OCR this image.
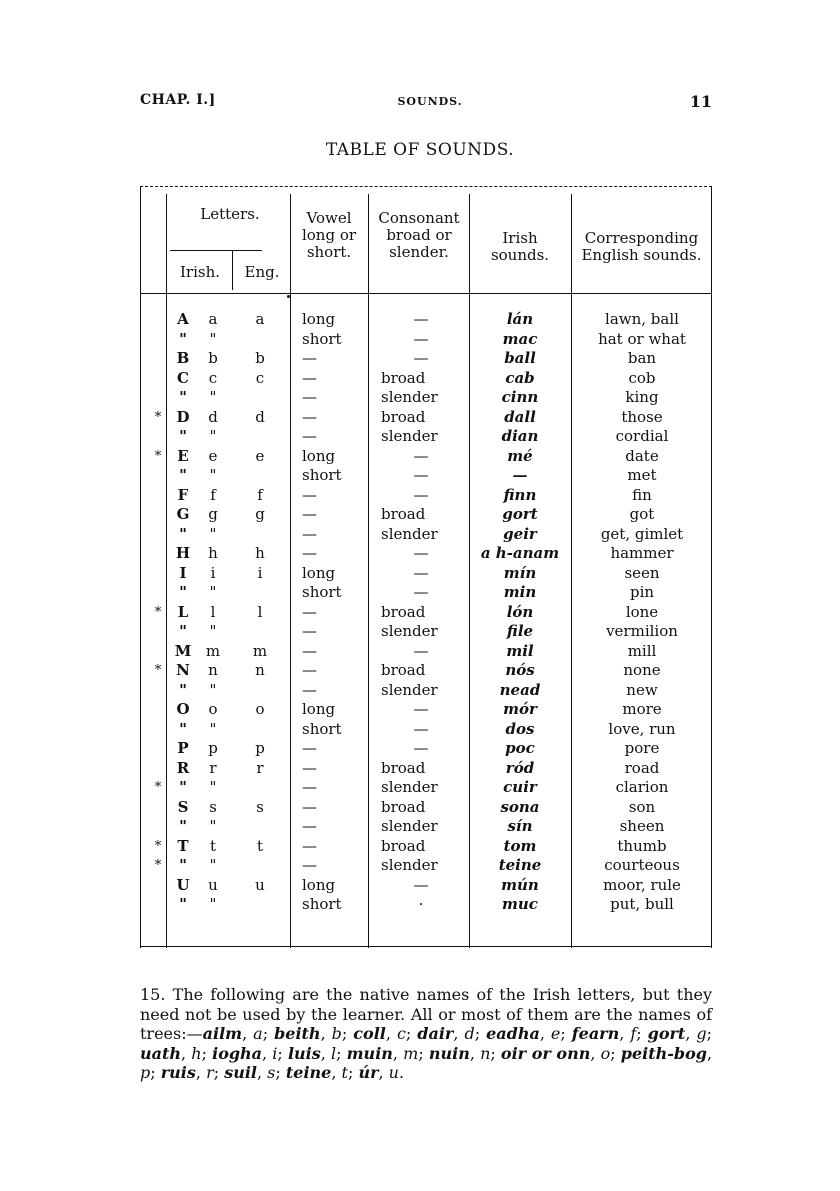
CHAP. I.]	SOUNDS.	11
TABLE OF SOUNDS.
Letters.
Irish.	Eng.
Vowel
long or
short.
Consonant
broad or
slender.
Irish
sounds.
Corresponding
English sounds.
A	a	a	long	—	lán	lawn, ball
"	"	short	—	mac	hat or what
B	b	b	—	—	ball	ban
C	c	c	—	broad	cab	cob
"	"	—	slender	cinn	king
*	D	d	d	—	broad	dall	those
"	"	—	slender	dian	cordial
*	E	e	e	long	—	mé	date
"	"	short	—	—	met
F	f	f	—	—	finn	fin
G	g	g	—	broad	gort	got
"	"	—	slender	geir	get, gimlet
H	h	h	—	—	a h-anam	hammer
I	i	i	long	—	mín	seen
"	"	short	—	min	pin
*	L	l	l	—	broad	lón	lone
"	"	—	slender	file	vermilion
M m	m	—	—	mil	mill
* N	n	n	—	broad	nós	none
"	"	—	slender	nead	new
O	o	o	long	—	mór	more
"	"	short	—	dos	love, run
P	p	p	—	—	poc	pore
R	r	r	—	broad	ród	road
*	"	"	—	slender	cuir	clarion
S	s	s	—	broad	sona	son
"	"	—	slender	sín	sheen
*	T	t	t	—	broad	tom	thumb
*	"	"	—	slender	teine	courteous
U	u	u	long	—	mún	moor, rule
"	"	short	·	muc	put, bull
15. The following are the native names of the Irish letters, but they need not be used by the learner. All or most of them are the names of trees:—ailm, a; beith, b; coll, c; dair, d; eadha, e; fearn, f; gort, g; uath, h; iogha, i; luis, l; muin, m; nuin, n; oir or onn, o; peith-bog, p; ruis, r; suil, s; teine, t; úr, u.
